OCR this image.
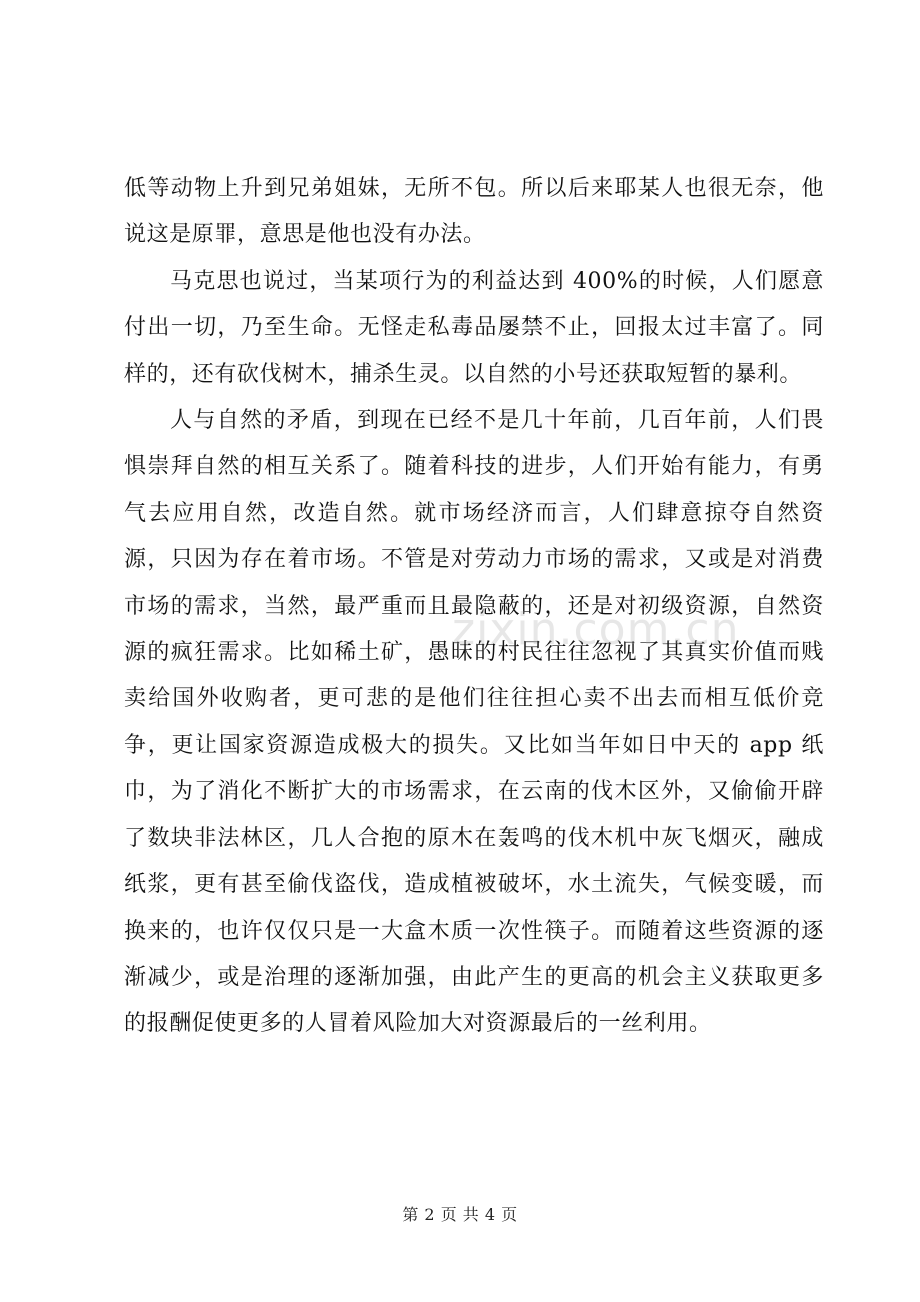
低等动物上升到兄弟姐妹，无所不包。所以后来耶某人也很无奈，他说这是原罪，意思是他也没有办法。

马克思也说过，当某项行为的利益达到 400%的时候，人们愿意付出一切，乃至生命。无怪走私毒品屡禁不止，回报太过丰富了。同样的，还有砍伐树木，捕杀生灵。以自然的小号还获取短暂的暴利。

人与自然的矛盾，到现在已经不是几十年前，几百年前，人们畏惧崇拜自然的相互关系了。随着科技的进步，人们开始有能力，有勇气去应用自然，改造自然。就市场经济而言，人们肆意掠夺自然资源，只因为存在着市场。不管是对劳动力市场的需求，又或是对消费市场的需求，当然，最严重而且最隐蔽的，还是对初级资源，自然资源的疯狂需求。比如稀土矿，愚昧的村民往往忽视了其真实价值而贱卖给国外收购者，更可悲的是他们往往担心卖不出去而相互低价竞争，更让国家资源造成极大的损失。又比如当年如日中天的 app 纸巾，为了消化不断扩大的市场需求，在云南的伐木区外，又偷偷开辟了数块非法林区，几人合抱的原木在轰鸣的伐木机中灰飞烟灭，融成纸浆，更有甚至偷伐盗伐，造成植被破坏，水土流失，气候变暖，而换来的，也许仅仅只是一大盒木质一次性筷子。而随着这些资源的逐渐减少，或是治理的逐渐加强，由此产生的更高的机会主义获取更多的报酬促使更多的人冒着风险加大对资源最后的一丝利用。

zixin.com.cn
第 2 页 共 4 页
